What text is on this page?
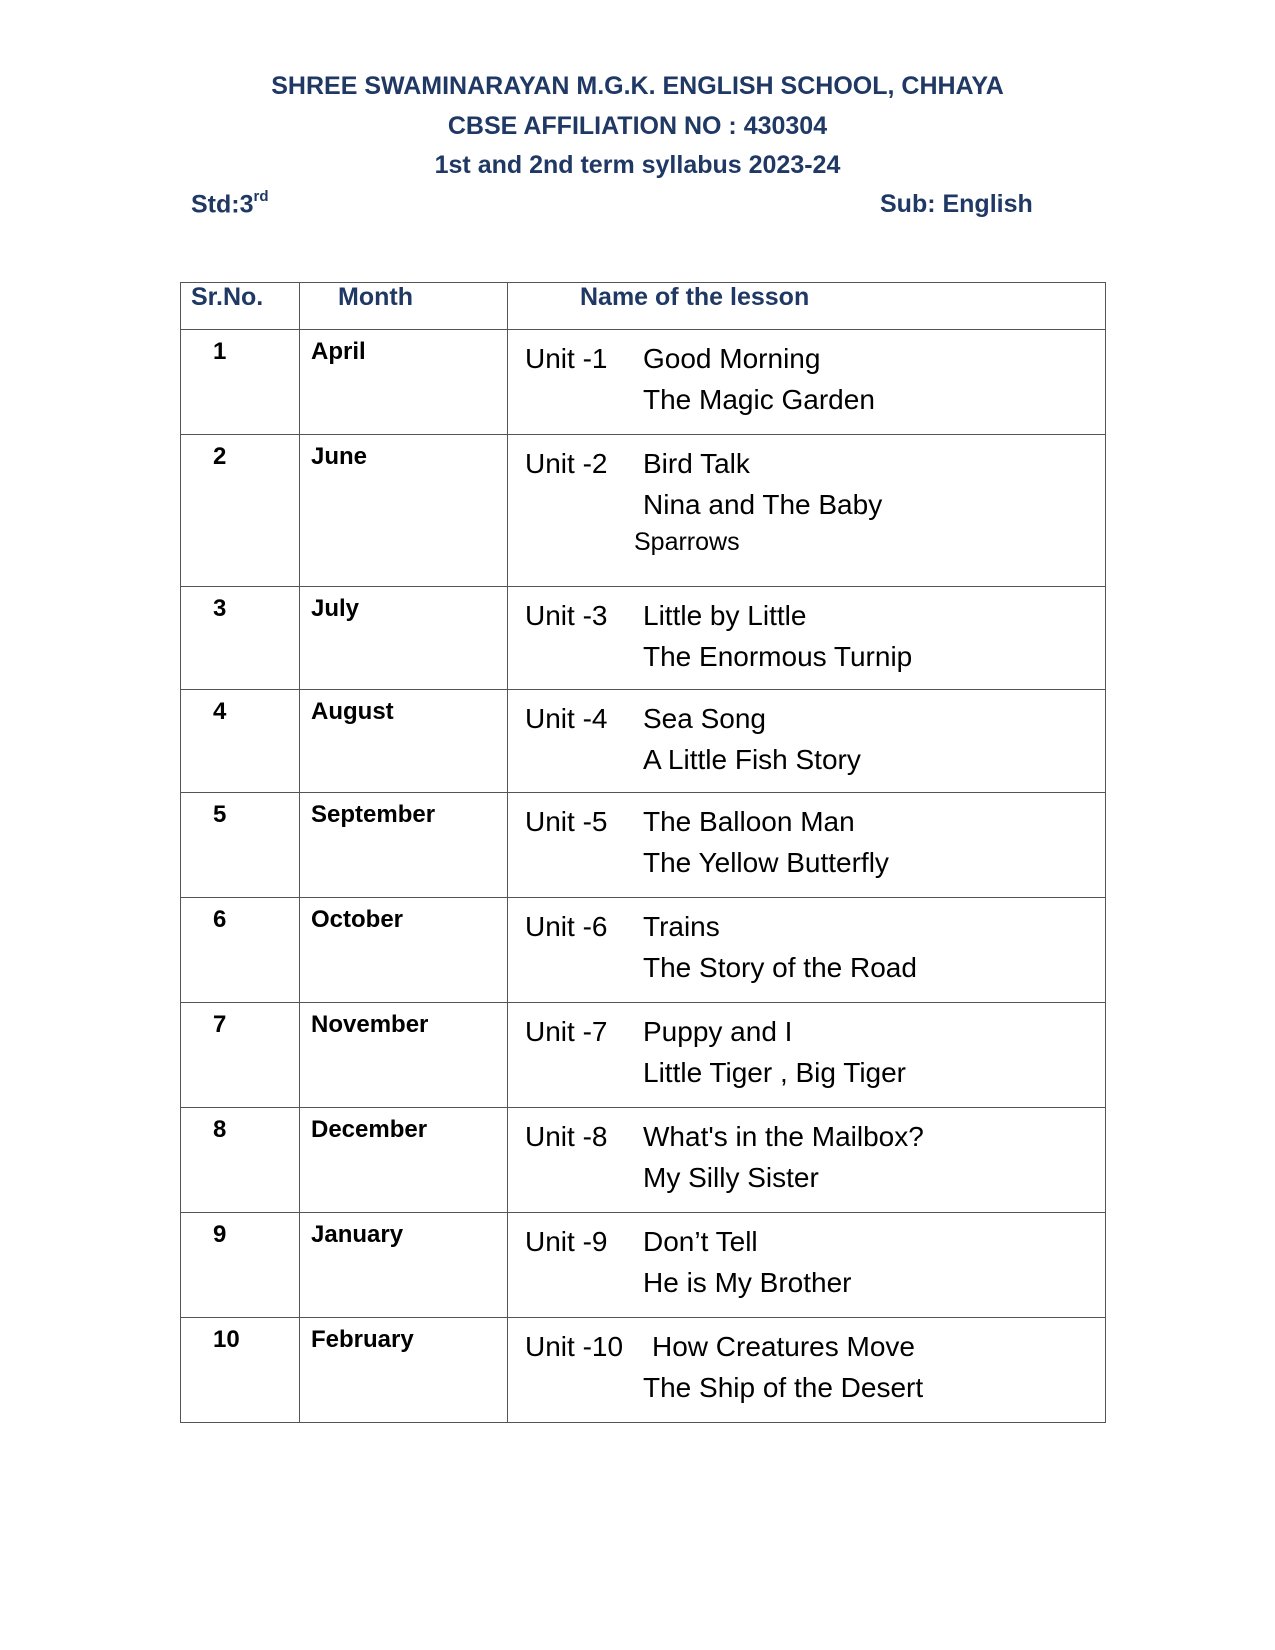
SHREE SWAMINARAYAN M.G.K. ENGLISH SCHOOL, CHHAYA
CBSE AFFILIATION NO : 430304
1st and 2nd term syllabus 2023-24
Std:3rd	Sub: English
Sr.No.	Month	Name of the lesson
1	April	Unit -1 Good Morning
The Magic Garden

2	June	Unit -2 Bird Talk
Nina and The Baby
Sparrows

3	July	Unit -3 Little by Little
The Enormous Turnip

4	August	Unit -4 Sea Song
A Little Fish Story

5	September	Unit -5 The Balloon Man
The Yellow Butterfly

6	October	Unit -6 Trains
The Story of the Road

7	November	Unit -7 Puppy and I
Little Tiger , Big Tiger

8	December	Unit -8 What's in the Mailbox?
My Silly Sister

9	January	Unit -9 Don’t Tell
He is My Brother

10	February	Unit -10 How Creatures Move
The Ship of the Desert
